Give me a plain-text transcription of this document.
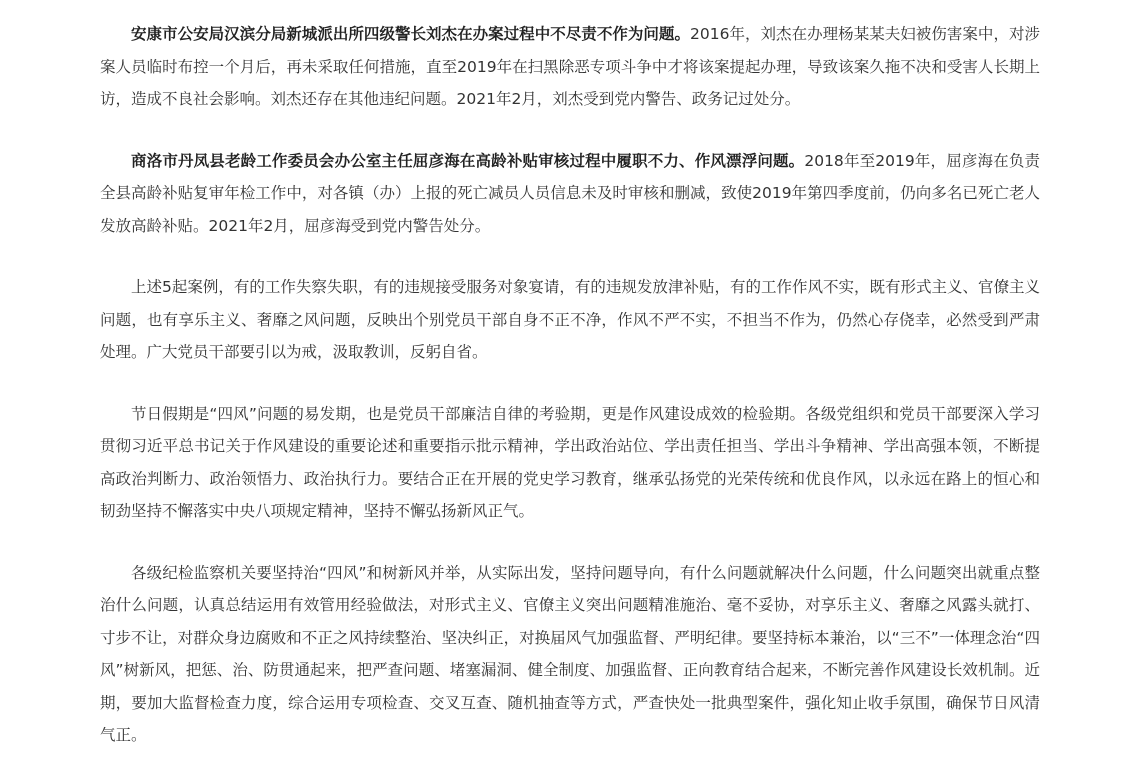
安康市公安局汉滨分局新城派出所四级警长刘杰在办案过程中不尽责不作为问题。2016年，刘杰在办理杨某某夫妇被伤害案中，对涉案人员临时布控一个月后，再未采取任何措施，直至2019年在扫黑除恶专项斗争中才将该案提起办理，导致该案久拖不决和受害人长期上访，造成不良社会影响。刘杰还存在其他违纪问题。2021年2月，刘杰受到党内警告、政务记过处分。

商洛市丹凤县老龄工作委员会办公室主任屈彦海在高龄补贴审核过程中履职不力、作风漂浮问题。2018年至2019年，屈彦海在负责全县高龄补贴复审年检工作中，对各镇（办）上报的死亡减员人员信息未及时审核和删减，致使2019年第四季度前，仍向多名已死亡老人发放高龄补贴。2021年2月，屈彦海受到党内警告处分。

上述5起案例，有的工作失察失职，有的违规接受服务对象宴请，有的违规发放津补贴，有的工作作风不实，既有形式主义、官僚主义问题，也有享乐主义、奢靡之风问题，反映出个别党员干部自身不正不净，作风不严不实，不担当不作为，仍然心存侥幸，必然受到严肃处理。广大党员干部要引以为戒，汲取教训，反躬自省。

节日假期是“四风”问题的易发期，也是党员干部廉洁自律的考验期，更是作风建设成效的检验期。各级党组织和党员干部要深入学习贯彻习近平总书记关于作风建设的重要论述和重要指示批示精神，学出政治站位、学出责任担当、学出斗争精神、学出高强本领，不断提高政治判断力、政治领悟力、政治执行力。要结合正在开展的党史学习教育，继承弘扬党的光荣传统和优良作风，以永远在路上的恒心和韧劲坚持不懈落实中央八项规定精神，坚持不懈弘扬新风正气。

各级纪检监察机关要坚持治“四风”和树新风并举，从实际出发，坚持问题导向，有什么问题就解决什么问题，什么问题突出就重点整治什么问题，认真总结运用有效管用经验做法，对形式主义、官僚主义突出问题精准施治、毫不妥协，对享乐主义、奢靡之风露头就打、寸步不让，对群众身边腐败和不正之风持续整治、坚决纠正，对换届风气加强监督、严明纪律。要坚持标本兼治，以“三不”一体理念治“四风”树新风，把惩、治、防贯通起来，把严查问题、堵塞漏洞、健全制度、加强监督、正向教育结合起来，不断完善作风建设长效机制。近期，要加大监督检查力度，综合运用专项检查、交叉互查、随机抽查等方式，严查快处一批典型案件，强化知止收手氛围，确保节日风清气正。
